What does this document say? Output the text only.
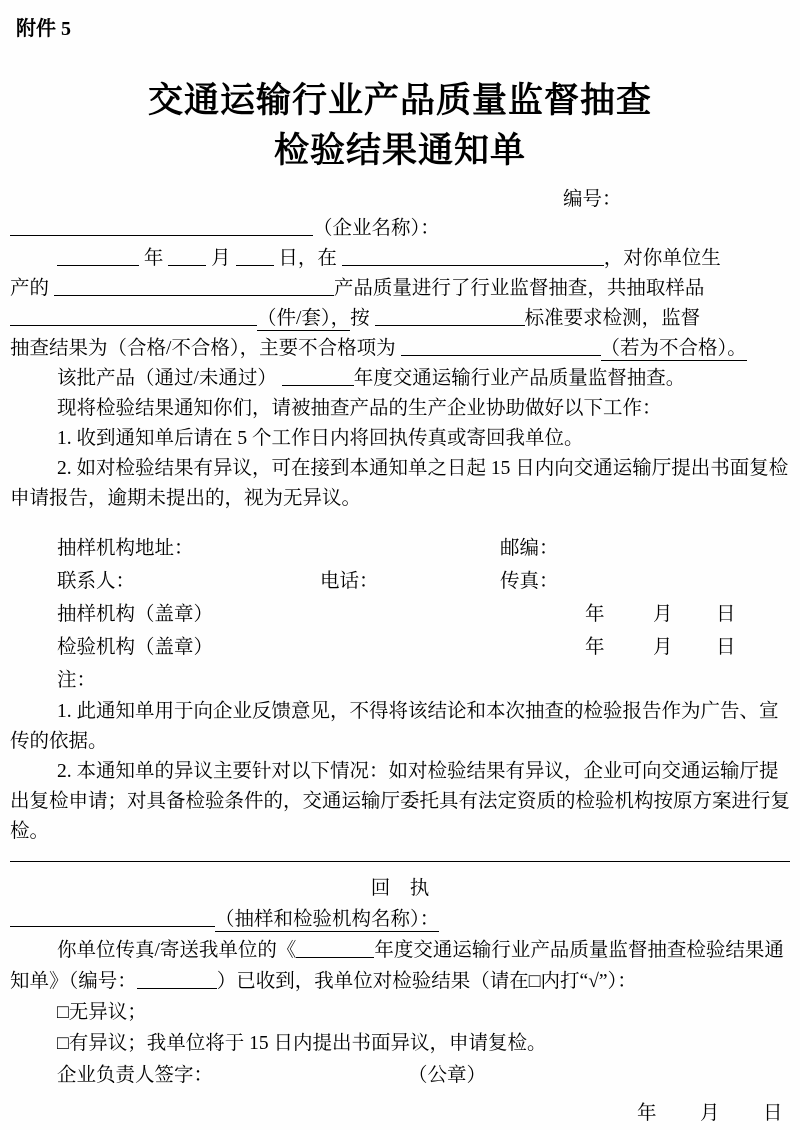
附件 5
交通运输行业产品质量监督抽查
检验结果通知单
编号：
（企业名称）：
年 月 日，在	，对你单位生
产的	产品质量进行了行业监督抽查，共抽取样品
（件/套），按	标准要求检测，监督
抽查结果为（合格/不合格），主要不合格项为	（若为不合格）。
该批产品（通过/未通过）	年度交通运输行业产品质量监督抽查。
现将检验结果通知你们，请被抽查产品的生产企业协助做好以下工作：
1. 收到通知单后请在 5 个工作日内将回执传真或寄回我单位。
2. 如对检验结果有异议，可在接到本通知单之日起 15 日内向交通运输厅提出书面复检申请报告，逾期未提出的，视为无异议。
抽样机构地址：	邮编：
联系人：	电话：	传真：
抽样机构（盖章）	年 月 日
检验机构（盖章）	年 月 日
注：
1. 此通知单用于向企业反馈意见，不得将该结论和本次抽查的检验报告作为广告、宣传的依据。
2. 本通知单的异议主要针对以下情况：如对检验结果有异议，企业可向交通运输厅提出复检申请；对具备检验条件的，交通运输厅委托具有法定资质的检验机构按原方案进行复检。
回　执
（抽样和检验机构名称）：
你单位传真/寄送我单位的《	年度交通运输行业产品质量监督抽查检验结果通知单》（编号：	）已收到，我单位对检验结果（请在□内打“√”）：
□无异议；
□有异议；我单位将于 15 日内提出书面异议，申请复检。
企业负责人签字：	（公章）
年 月 日
